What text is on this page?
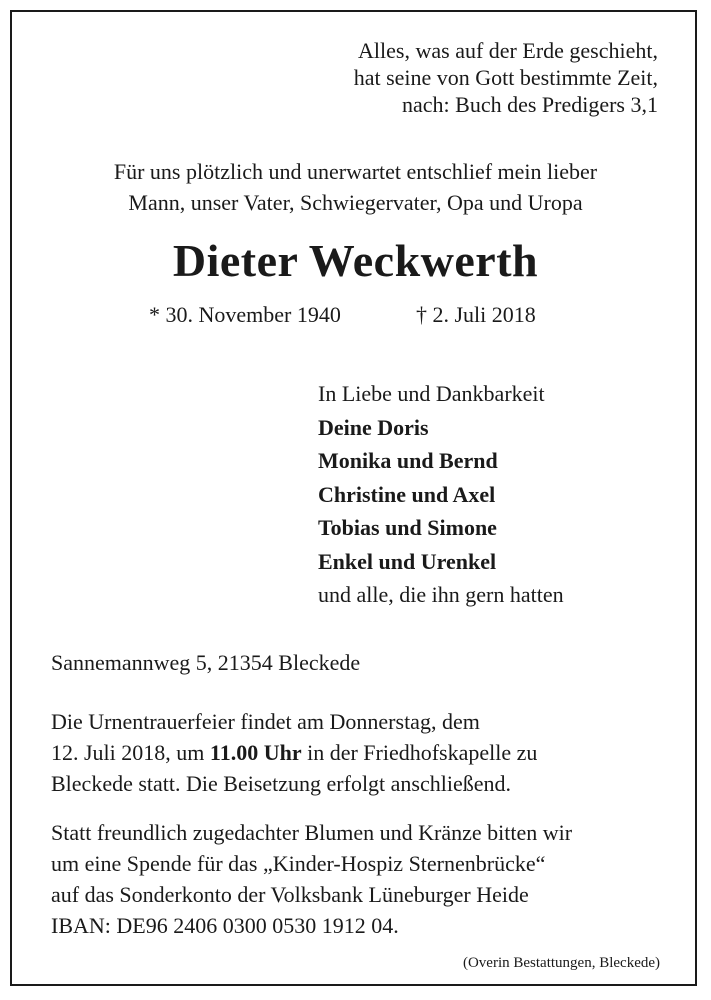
Alles, was auf der Erde geschieht,
hat seine von Gott bestimmte Zeit,
nach: Buch des Predigers 3,1
Für uns plötzlich und unerwartet entschlief mein lieber
Mann, unser Vater, Schwiegervater, Opa und Uropa
Dieter Weckwerth
* 30. November 1940	† 2. Juli 2018
In Liebe und Dankbarkeit
Deine Doris
Monika und Bernd
Christine und Axel
Tobias und Simone
Enkel und Urenkel
und alle, die ihn gern hatten
Sannemannweg 5, 21354 Bleckede
Die Urnentrauerfeier findet am Donnerstag, dem
12. Juli 2018, um 11.00 Uhr in der Friedhofskapelle zu
Bleckede statt. Die Beisetzung erfolgt anschließend.
Statt freundlich zugedachter Blumen und Kränze bitten wir
um eine Spende für das „Kinder-Hospiz Sternenbrücke“
auf das Sonderkonto der Volksbank Lüneburger Heide
IBAN: DE96 2406 0300 0530 1912 04.
(Overin Bestattungen, Bleckede)
